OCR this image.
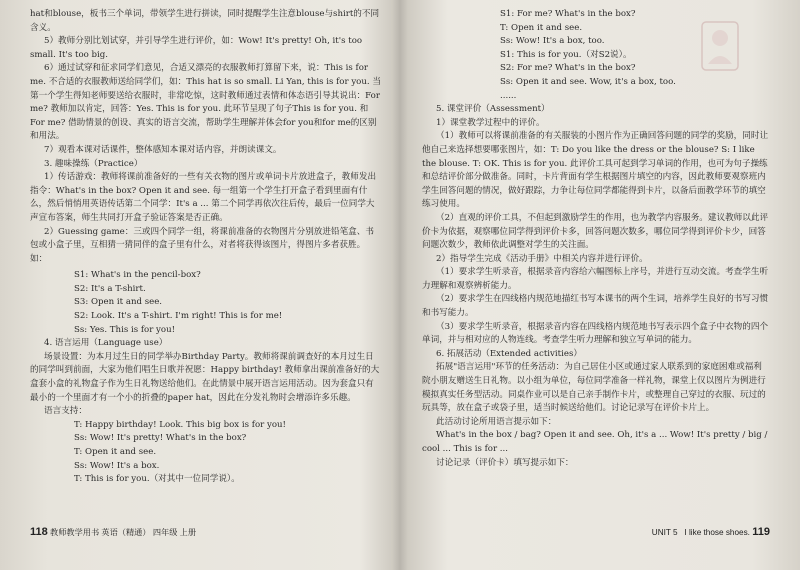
hat和blouse，板书三个单词，带领学生进行拼读，同时提醒学生注意blouse与shirt的不同含义。

5）教师分别比划试穿，并引导学生进行评价，如：Wow! It's pretty! Oh, it's too small. It's too big.

6）通过试穿和征求同学们意见，合适又漂亮的衣服教师打算留下来，说：This is for me. 不合适的衣服教师送给同学们，如：This hat is so small. Li Yan, this is for you. 当第一个学生得知老师要送给衣服时，非常吃惊，这时教师通过表情和体态语引导其说出：For me? 教师加以肯定，回答：Yes. This is for you. 此环节呈现了句子This is for you. 和For me? 借助情景的创设、真实的语言交流，帮助学生理解并体会for you和for me的区别和用法。

7）观看本课对话课件，整体感知本课对话内容，并朗读课文。

3. 趣味操练（Practice）

1）传话游戏：教师将课前准备好的一些有关衣物的图片或单词卡片放进盒子，教师发出指令：What's in the box? Open it and see. 每一组第一个学生打开盒子看到里面有什么，然后悄悄用英语传话第二个同学：It's a ... 第二个同学再依次往后传，最后一位同学大声宣布答案，师生共同打开盒子验证答案是否正确。

2）Guessing game：三或四个同学一组，将课前准备的衣物图片分别放进铅笔盒、书包或小盒子里，互相猜一猜同伴的盒子里有什么，对者将获得该图片，得图片多者获胜。如：

S1: What's in the pencil-box?

S2: It's a T-shirt.

S3: Open it and see.

S2: Look. It's a T-shirt. I'm right! This is for me!

Ss: Yes. This is for you!

4. 语言运用（Language use）

场景设置：为本月过生日的同学举办Birthday Party。教师将课前调查好的本月过生日的同学叫到前面，大家为他们唱生日歌并祝愿：Happy birthday! 教师拿出课前准备好的大盒套小盒的礼物盒子作为生日礼物送给他们。在此情景中展开语言运用活动。因为套盒只有最小的一个里面才有一个小的折叠的paper hat，因此在分发礼物时会增添许多乐趣。

语言支持：

T: Happy birthday! Look. This big box is for you!

Ss: Wow! It's pretty! What's in the box?

T: Open it and see.

Ss: Wow! It's a box.

T: This is for you.（对其中一位同学说）。

118 教师教学用书 英语（精通） 四年级 上册

S1: For me? What's in the box?

T: Open it and see.

Ss: Wow! It's a box, too.

S1: This is for you.（对S2说）。

S2: For me? What's in the box?

Ss: Open it and see. Wow, it's a box, too.

......

5. 课堂评价（Assessment）

1）课堂教学过程中的评价。

（1）教师可以将课前准备的有关服装的小图片作为正确回答问题的同学的奖励，同时让他自己来选择想要哪张图片，如：T: Do you like the dress or the blouse? S: I like the blouse. T: OK. This is for you. 此评价工具可起到学习单词的作用，也可为句子操练和总结评价部分做准备。同时，卡片背面有学生根据图片填空的内容，因此教师要观察班内学生回答问题的情况，做好跟踪，力争让每位同学都能得到卡片，以备后面教学环节的填空练习使用。

（2）直观的评价工具，不但起到激励学生的作用，也为教学内容服务。建议教师以此评价卡为依据，观察哪位同学得到评价卡多，回答问题次数多，哪位同学得到评价卡少，回答问题次数少，教师依此调整对学生的关注面。

2）指导学生完成《活动手册》中相关内容并进行评价。

（1）要求学生听录音，根据录音内容给六幅图标上序号，并进行互动交流。考查学生听力理解和观察辨析能力。

（2）要求学生在四线格内规范地描红书写本课书的两个生词，培养学生良好的书写习惯和书写能力。

（3）要求学生听录音，根据录音内容在四线格内规范地书写表示四个盒子中衣物的四个单词，并与相对应的人物连线。考查学生听力理解和独立写单词的能力。

6. 拓展活动（Extended activities）

拓展"语言运用"环节的任务活动：为自己居住小区或通过家人联系到的家庭困难或福利院小朋友赠送生日礼物。以小组为单位，每位同学准备一样礼物，课堂上仅以图片为例进行模拟真实任务型活动。同桌作业可以是自己亲手制作卡片，或整理自己穿过的衣服、玩过的玩具等，放在盒子或袋子里，适当时候送给他们。讨论记录写在评价卡片上。

此活动讨论所用语言提示如下：

What's in the box / bag? Open it and see. Oh, it's a ... Wow! It's pretty / big / cool ... This is for ...

讨论记录（评价卡）填写提示如下：

UNIT 5 I like those shoes. 119
